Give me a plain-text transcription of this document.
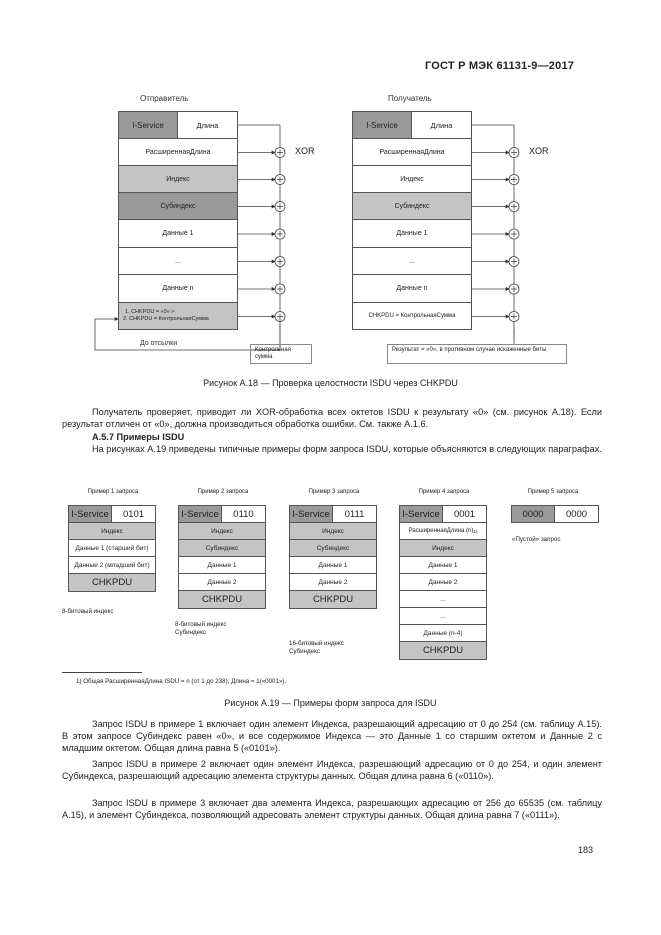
ГОСТ Р МЭК 61131-9—2017
Отправитель
I-Service	Длина
РасширеннаяДлина
Индекс
Субиндекс
Данные 1
...
Данные n
1. CHKPDU = «0» >
2. CHKPDU = КонтрольнаяСумма
Получатель
I-Service	Длина
РасширеннаяДлина
Индекс
Субиндекс
Данные 1
...
Данные n
CHKPDU = КонтрольнаяСумма
XOR	XOR
До отсылки
Контрольная сумма
Результат = «0», в противном случае искаженные биты
Рисунок А.18 — Проверка целостности ISDU через CHKPDU
Получатель проверяет, приводит ли XOR-обработка всех октетов ISDU к результату «0» (см. рисунок А.18). Если результат отличен от «0», должна производиться обработка ошибки. См. также А.1.6.
А.5.7 Примеры ISDU
На рисунках А.19 приведены типичные примеры форм запроса ISDU, которые объясняются в следующих параграфах.
Пример 1 запроса
I-Service	0101
Индекс
Данные 1 (старший бит)
Данные 2 (младший бит)
CHKPDU
8-битовый индекс
Пример 2 запроса
I-Service	0110
Индекс
Субиндекс
Данные 1
Данные 2
CHKPDU
8-битовый индекс
Субиндекс
Пример 3 запроса
I-Service	0111
Индекс
Субиндекс
Данные 1
Данные 2
CHKPDU
16-битовый индекс
Субиндекс
Пример 4 запроса
I-Service	0001
РасширеннаяДлина (n) 1)
Индекс
Данные 1
Данные 2
...
...
Данные (n-4)
CHKPDU
Пример 5 запроса
0000	0000
«Пустой» запрос
1) Общая РасширеннаяДлина ISDU = n (от 1 до 238), Длина = 1(«0001»).
Рисунок А.19 — Примеры форм запроса для ISDU
Запрос ISDU в примере 1 включает один элемент Индекса, разрешающий адресацию от 0 до 254 (см. таблицу А.15). В этом запросе Субиндекс равен «0», и все содержимое Индекса — это Данные 1 со старшим октетом и Данные 2 с младшим октетом. Общая длина равна 5 («0101»).
Запрос ISDU в примере 2 включает один элемент Индекса, разрешающий адресацию от 0 до 254, и один элемент Субиндекса, разрешающий адресацию элемента структуры данных. Общая длина равна 6 («0110»).
Запрос ISDU в примере 3 включает два элемента Индекса, разрешающих адресацию от 256 до 65535 (см. таблицу А.15), и элемент Субиндекса, позволяющий адресовать элемент структуры данных. Общая длина равна 7 («0111»).
183
